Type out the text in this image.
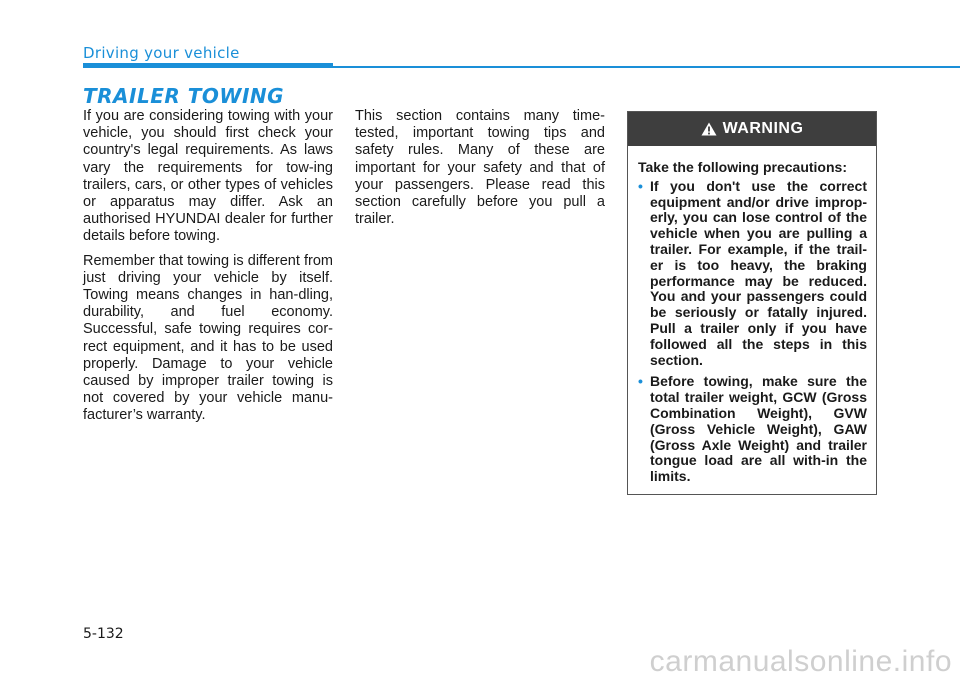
Driving your vehicle
TRAILER TOWING

If you are considering towing with your vehicle, you should first check your country's legal requirements. As laws vary the requirements for tow-ing trailers, cars, or other types of vehicles or apparatus may differ. Ask an authorised HYUNDAI dealer for further details before towing.

Remember that towing is different from just driving your vehicle by itself. Towing means changes in han-dling, durability, and fuel economy. Successful, safe towing requires cor-rect equipment, and it has to be used properly. Damage to your vehicle caused by improper trailer towing is not covered by your vehicle manu-facturer’s warranty.

This section contains many time-tested, important towing tips and safety rules. Many of these are important for your safety and that of your passengers. Please read this section carefully before you pull a trailer.

WARNING
Take the following precautions:
• If you don't use the correct equipment and/or drive improp-erly, you can lose control of the vehicle when you are pulling a trailer. For example, if the trail-er is too heavy, the braking performance may be reduced. You and your passengers could be seriously or fatally injured. Pull a trailer only if you have followed all the steps in this section.
• Before towing, make sure the total trailer weight, GCW (Gross Combination Weight), GVW (Gross Vehicle Weight), GAW (Gross Axle Weight) and trailer tongue load are all with-in the limits.
5-132
carmanualsonline.info
